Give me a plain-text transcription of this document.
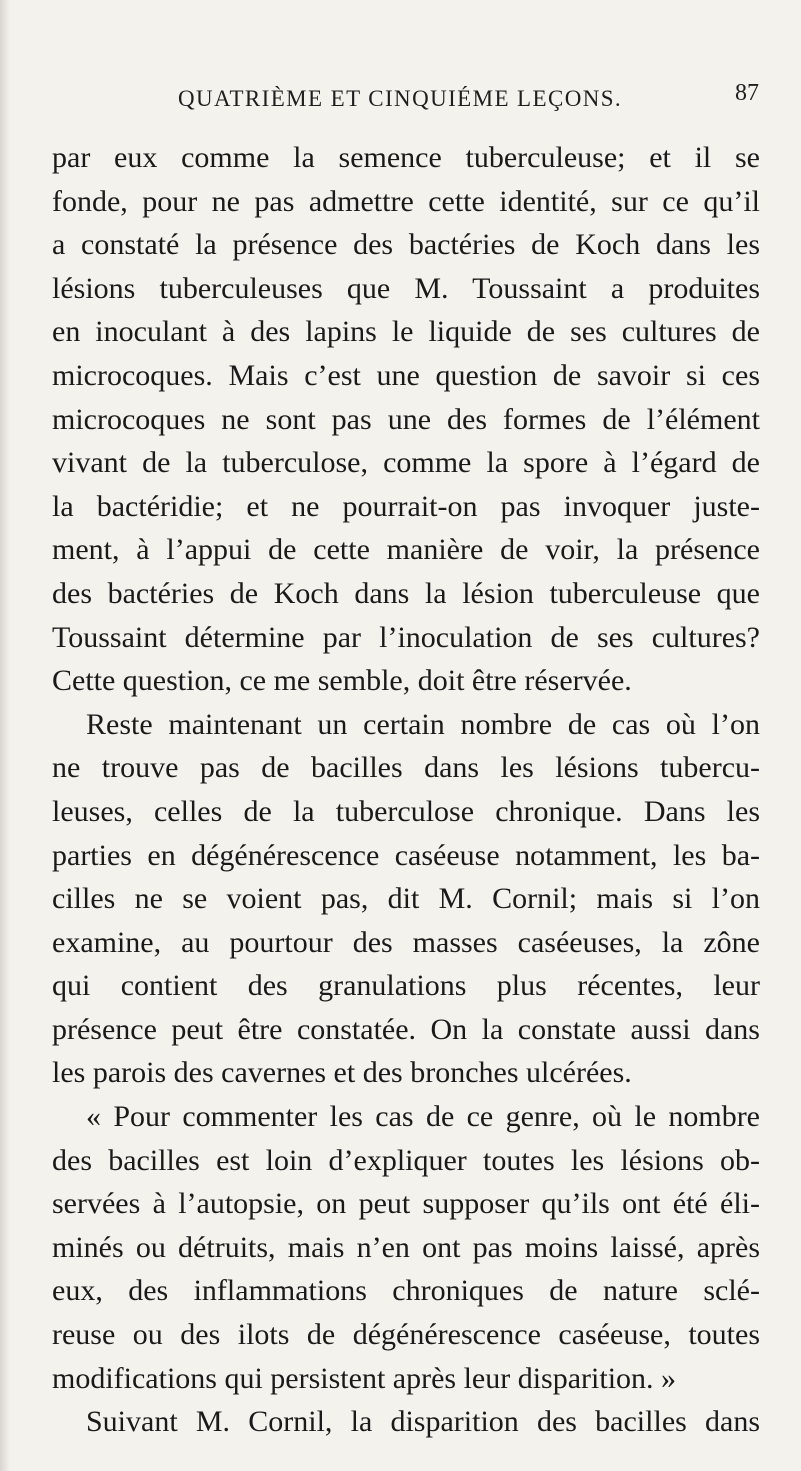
QUATRIÈME ET CINQUIÉME LEÇONS.	87
par eux comme la semence tuberculeuse; et il se
fonde, pour ne pas admettre cette identité, sur ce qu’il
a constaté la présence des bactéries de Koch dans les
lésions tuberculeuses que M. Toussaint a produites
en inoculant à des lapins le liquide de ses cultures de
microcoques. Mais c’est une question de savoir si ces
microcoques ne sont pas une des formes de l’élément
vivant de la tuberculose, comme la spore à l’égard de
la bactéridie; et ne pourrait-on pas invoquer juste-
ment, à l’appui de cette manière de voir, la présence
des bactéries de Koch dans la lésion tuberculeuse que
Toussaint détermine par l’inoculation de ses cultures?
Cette question, ce me semble, doit être réservée.
Reste maintenant un certain nombre de cas où l’on
ne trouve pas de bacilles dans les lésions tubercu-
leuses, celles de la tuberculose chronique. Dans les
parties en dégénérescence caséeuse notamment, les ba-
cilles ne se voient pas, dit M. Cornil; mais si l’on
examine, au pourtour des masses caséeuses, la zône
qui contient des granulations plus récentes, leur
présence peut être constatée. On la constate aussi dans
les parois des cavernes et des bronches ulcérées.
« Pour commenter les cas de ce genre, où le nombre
des bacilles est loin d’expliquer toutes les lésions ob-
servées à l’autopsie, on peut supposer qu’ils ont été éli-
minés ou détruits, mais n’en ont pas moins laissé, après
eux, des inflammations chroniques de nature sclé-
reuse ou des ilots de dégénérescence caséeuse, toutes
modifications qui persistent après leur disparition. »
Suivant M. Cornil, la disparition des bacilles dans
